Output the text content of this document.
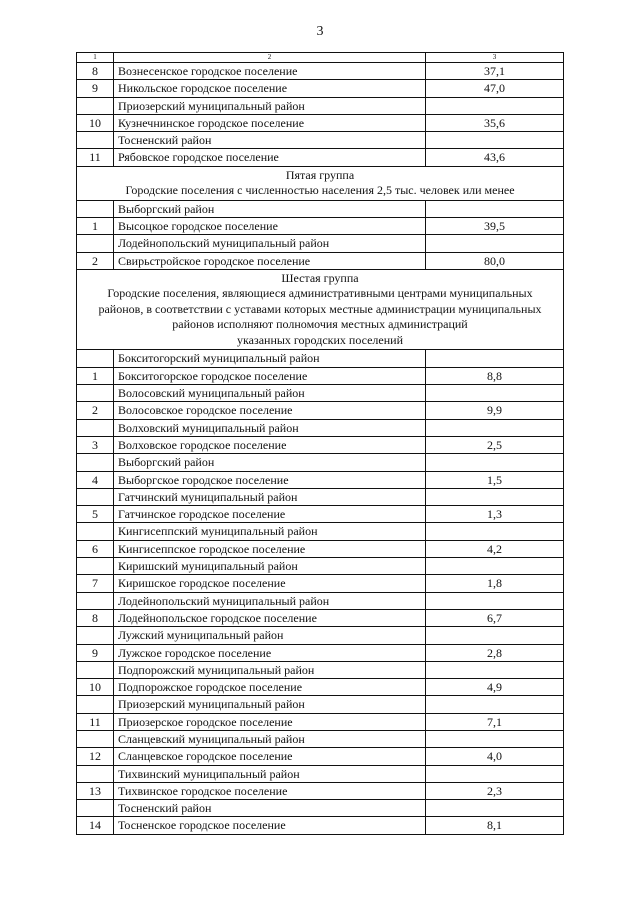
3
1	2	3
8	Вознесенское городское поселение	37,1
9	Никольское городское поселение	47,0
	Приозерский муниципальный район	
10	Кузнечнинское городское поселение	35,6
	Тосненский район	
11	Рябовское городское поселение	43,6

Пятая группа
Городские поселения с численностью населения 2,5 тыс. человек или менее		

	Выборгский район	
1	Высоцкое городское поселение	39,5
	Лодейнопольский муниципальный район	
2	Свирьстройское городское поселение	80,0

Шестая группа
Городские поселения, являющиеся административными центрами муниципальных
районов, в соответствии с уставами которых местные администрации муниципальных
районов исполняют полномочия местных администраций
указанных городских поселений		

	Бокситогорский муниципальный район	
1	Бокситогорское городское поселение	8,8
	Волосовский муниципальный район	
2	Волосовское городское поселение	9,9
	Волховский муниципальный район	
3	Волховское городское поселение	2,5
	Выборгский район	
4	Выборгское городское поселение	1,5
	Гатчинский муниципальный район	
5	Гатчинское городское поселение	1,3
	Кингисеппский муниципальный район	
6	Кингисеппское городское поселение	4,2
	Киришский муниципальный район	
7	Киришское городское поселение	1,8
	Лодейнопольский муниципальный район	
8	Лодейнопольское городское поселение	6,7
	Лужский муниципальный район	
9	Лужское городское поселение	2,8
	Подпорожский муниципальный район	
10	Подпорожское городское поселение	4,9
	Приозерский муниципальный район	
11	Приозерское городское поселение	7,1
	Сланцевский муниципальный район	
12	Сланцевское городское поселение	4,0
	Тихвинский муниципальный район	
13	Тихвинское городское поселение	2,3
	Тосненский район	
14	Тосненское городское поселение	8,1
